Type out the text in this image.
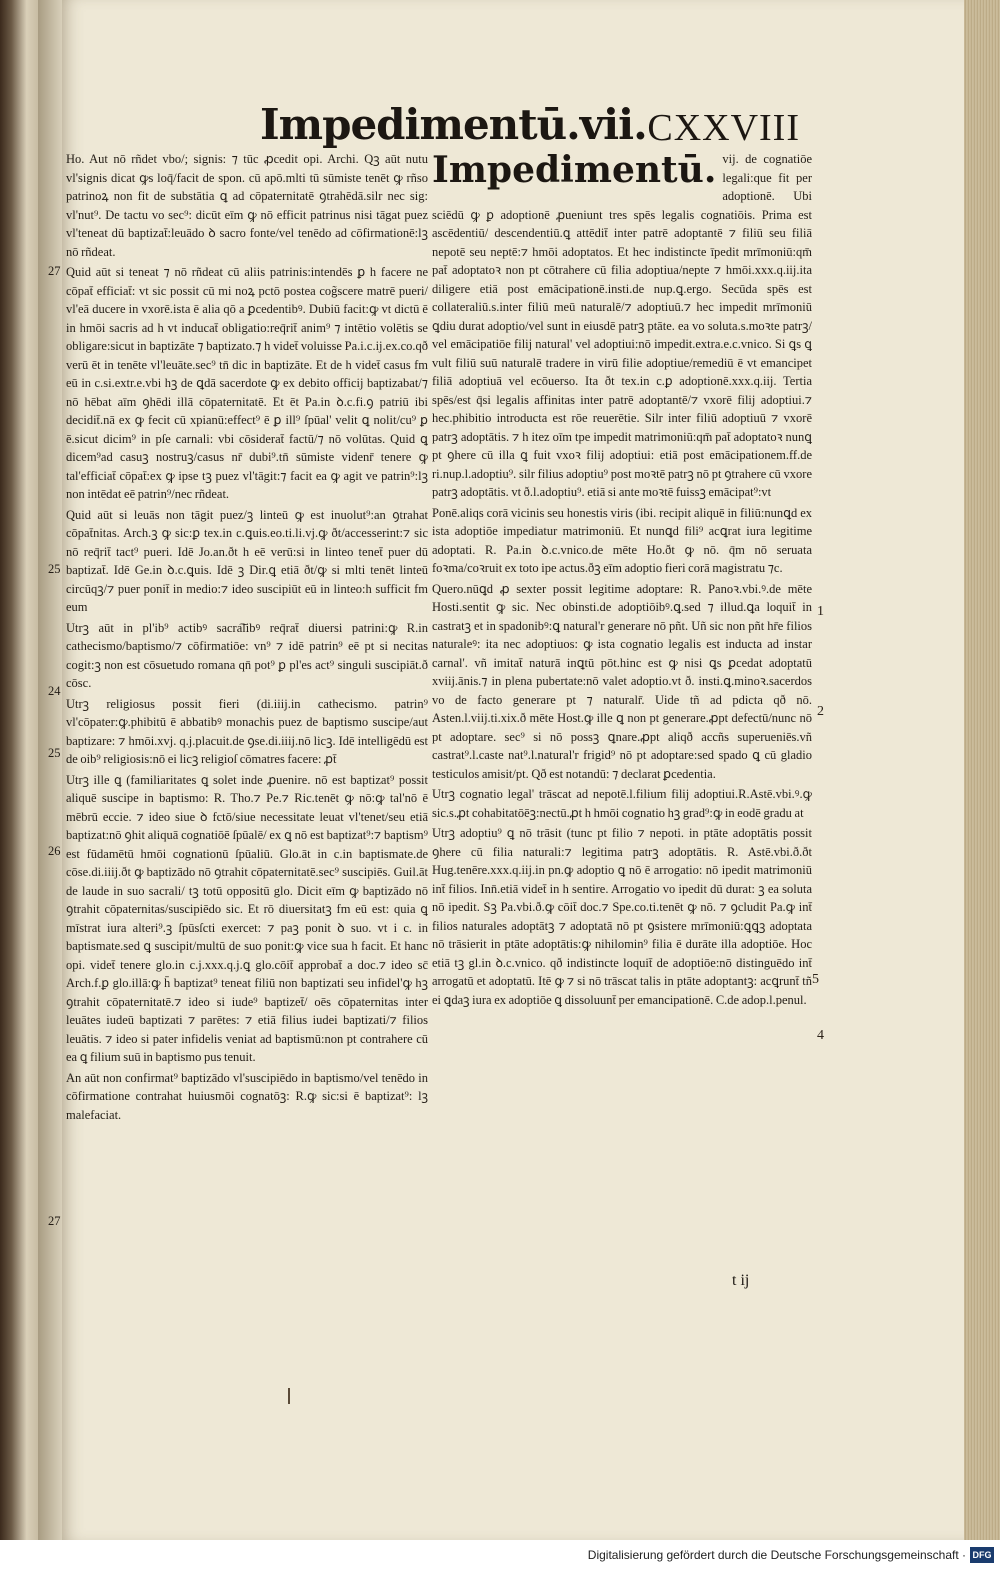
Impedimentū.vii. CXXVIII

Ho. Aut nō rñdet vbo/; signis: ⁊ tūc ꝓcedit opi. Archi. Qꝫ aūt nutu vl'signis dicat ꝙs loq̄/facit de spon. cū apō.mlti tū sūmiste tenēt ꝙ rñso patrinoꝝ non fit de substātia ꝗ ad cōpaternitatē ꝯtrahēdā.silr nec sig: vl'nut⁹. De tactu vo sec⁹: dicūt eīm ꝙ nō efficit patrinus nisi tāgat puez vl'teneat dū baptizat̄:leuādo ꝺ sacro fonte/vel tenēdo ad cōfirmationē:lꝫ nō rñdeat.

Quid aūt si teneat ⁊ nō rñdeat cū aliis patrinis:intendēs ꝑ h facere ne cōpat̄ efficiat̄: vt sic possit cū mi noꝝ pctō postea cog̃scere matrē pueri/ vl'eā ducere in vxorē.ista ē alia qō a ꝑcedentibꝰ. Dubiū facit:ꝙ vt dictū ē in hmōi sacris ad h vt inducat̄ obligatio:req̄rit̄ anim⁹ ⁊ intētio volētis se obligare:sicut in baptizāte ⁊ baptizato.⁊ h videt̄ voluisse Pa.i.c.ij.ex.co.qð verū ēt in tenēte vl'leuāte.sec⁹ tn̄ dic in baptizāte. Et de h videt̄ casus fm eū in c.si.extr.e.vbi hꝫ de ꝗdā sacerdote ꝙ ex debito officij baptizabat/⁊ nō hēbat aīm ꝯhēdi illā cōpaternitatē. Et ēt Pa.in ꝺ.c.fi.ꝯ patriū ibi decidit̄.nā ex ꝙ fecit cū xpianū:effect⁹ ē ꝑ ill⁹ ſpūal' velit ꝗ nolit/cu⁹ ꝑ ē.sicut dicim⁹ in pſe carnali: vbi cōsiderat̄ factū/⁊ nō volūtas. Quid ꝗ dicem⁹ad casuꝫ nostruꝫ/casus nr̄ dubi⁹.tn̄ sūmiste videnr̄ tenere ꝙ tal'efficiat̄ cōpat̄:ex ꝙ ipse tꝫ puez vl'tāgit:⁊ facit ea ꝙ agit ve patrin⁹:lꝫ non intēdat eē patrin⁹/nec rñdeat.

Quid aūt si leuās non tāgit puez/ꝫ linteū ꝙ est inuolut⁹:an ꝯtrahat cōpat̄nitas. Arch.ꝫ ꝙ sic:ꝑ tex.in c.ꝗuis.eo.ti.li.vj.ꝙ ðt/accesserint:⁊ sic nō req̄rit̄ tact⁹ pueri. Idē Jo.an.ðt h eē verū:si in linteo tenet̄ puer dū baptizat̄. Idē Ge.in ꝺ.c.ꝗuis. Idē ꝫ Dir.ꝗ etiā ðt/ꝙ si mlti tenēt linteū circūqꝫ/⁊ puer ponit̄ in medio:⁊ ideo suscipiūt eū in linteo:h sufficit fm eum

Utrꝫ aūt in pl'ib⁹ actibꝰ sacra͠libꝰ req̄rat̄ diuersi patrini:ꝙ R.in cathecismo/baptismo/⁊ cōfirmatiōe: vn⁹ ⁊ idē patrin⁹ eē pt si necitas cogit:ꝫ non est cōsuetudo romana qn̄ pot⁹ ꝑ pl'es act⁹ singuli suscipiāt.ð cōsc.

Utrꝫ religiosus possit fieri (di.iiij.in cathecismo. patrin⁹ vl'cōpater:ꝙ.phibitū ē abbatibꝰ monachis puez de baptismo suscipe/aut baptizare: ⁊ hmōi.xvj. q.j.placuit.de ꝯse.di.iiij.nō licꝫ. Idē intelligēdū est de oib⁹ religiosis:nō ei licꝫ religioſ cōmatres facere: ꝓt̄

Utrꝫ ille ꝗ (familiaritates ꝗ solet inde ꝓuenire. nō est baptizat⁹ possit aliquē suscipe in baptismo: R. Tho.⁊ Pe.⁊ Ric.tenēt ꝙ nō:ꝙ tal'nō ē mēbrū eccie. ⁊ ideo siue ꝺ fctō/siue necessitate leuat vl'tenet/seu etiā baptizat:nō ꝯhit aliquā cognatiōē ſpūalē/ ex ꝗ nō est baptizat⁹:⁊ baptism⁹ est fūdamētū hmōi cognationū ſpūaliū. Glo.āt in c.in baptismate.de cōse.di.iiij.ðt ꝙ baptizādo nō ꝯtrahit cōpaternitatē.sec⁹ suscipiēs. Guil.āt de laude in suo sacrali/ tꝫ totū oppositū glo. Dicit eīm ꝙ baptizādo nō ꝯtrahit cōpaternitas/suscipiēdo sic. Et rō diuersitatꝫ fm eū est: quia ꝗ mīstrat iura alteri⁹.ꝫ ſpūsſcti exercet: ⁊ paꝫ ponit ꝺ suo. vt i c. in baptismate.sed ꝗ suscipit/multū de suo ponit:ꝙ vice sua h facit. Et hanc opi. videt̄ tenere glo.in c.j.xxx.q.j.ꝗ glo.cōit̄ approbat̄ a doc.⁊ ideo sc̄ Arch.f.ꝑ glo.illā:ꝙ h̄ baptizat⁹ teneat filiū non baptizati seu infidel'ꝙ hꝫ ꝯtrahit cōpaternitatē.⁊ ideo si iude⁹ baptizet̄/ oēs cōpaternitas inter leuātes iudeū baptizati ⁊ parētes: ⁊ etiā filius iudei baptizati/⁊ filios leuātis. ⁊ ideo si pater infidelis veniat ad baptismū:non pt contrahere cū ea ꝗ filium suū in baptismo pus tenuit.

An aūt non confirmat⁹ baptizādo vl'suscipiēdo in baptismo/vel tenēdo in cōfirmatione contrahat huiusmōi cognatōꝫ: R.ꝙ sic:si ē baptizat⁹: lꝫ malefaciat.

27
25
24
25
26
27
Impedimentū. vij. de cognatiōe legali:que fit per adoptionē. Ubi sciēdū ꝙ ꝑ adoptionē ꝓueniunt tres spēs legalis cognatiōis. Prima est ascēdentiū/ descendentiū.ꝗ attēdit̄ inter patrē adoptantē ⁊ filiū seu filiā nepotē seu neptē:⁊ hmōi adoptatos. Et hec indistincte īpedit mrīmoniū:qm̄ pat̄ adoptatoꝛ non pt cōtrahere cū filia adoptiua/nepte ⁊ hmōi.xxx.q.iij.ita diligere etiā post emācipationē.insti.de nup.ꝗ.ergo. Secūda spēs est collateraliū.s.inter filiū meū naturalē/⁊ adoptiuū.⁊ hec impedit mrīmoniū ꝗdiu durat adoptio/vel sunt in eiusdē patrꝫ ptāte. ea vo soluta.s.moꝛte patrꝫ/ vel emācipatiōe filij natural' vel adoptiui:nō impedit.extra.e.c.vnico. Si ꝗs ꝗ vult filiū suū naturalē tradere in virū filie adoptiue/remediū ē vt emancipet filiā adoptiuā vel ecōuerso. Ita ðt tex.in c.ꝑ adoptionē.xxx.q.iij. Tertia spēs/est q̄si legalis affinitas inter patrē adoptantē/⁊ vxorē filij adoptiui.⁊ hec.phibitio introducta est rōe reuerētie. Silr inter filiū adoptiuū ⁊ vxorē patrꝫ adoptātis. ⁊ h itez oīm tpe impedit matrimoniū:qm̄ pat̄ adoptatoꝛ nunꝗ pt ꝯhere cū illa ꝗ fuit vxoꝛ filij adoptiui: etiā post emācipationem.ff.de ri.nup.l.adoptiu⁹. silr filius adoptiu⁹ post moꝛtē patrꝫ nō pt ꝯtrahere cū vxore patrꝫ adoptātis. vt ð.l.adoptiu⁹. etiā si ante moꝛtē fuissꝫ emācipat⁹:vt

Ponē.aliqs corā vicinis seu honestis viris (ibi. recipit aliquē in filiū:nunꝗd ex ista adoptiōe impediatur matrimoniū. Et nunꝗd fili⁹ acꝗrat iura legitime adoptati. R. Pa.in ꝺ.c.vnico.de mēte Ho.ðt ꝙ nō. q̄m nō seruata foꝛma/coꝛruit ex toto ipe actus.ðꝫ eīm adoptio fieri corā magistratu ⁊c.

Quero.nūꝗd ꝓ sexter possit legitime adoptare: R. Panoꝛ.vbi.ꝰ.de mēte Hosti.sentit ꝙ sic. Nec obinsti.de adoptiōibꝰ.ꝗ.sed ⁊ illud.ꝗa loquit̄ in castratꝫ et in spadonibꝰ:ꝗ natural'r generare nō pñt. Uñ sic non pñt hr̄e filios naturaleꝰ: ita nec adoptiuos: ꝙ ista cognatio legalis est inducta ad instar carnal'. vñ imitat̄ naturā inꝗtū pōt.hinc est ꝙ nisi ꝗs ꝑcedat adoptatū xviij.ānis.⁊ in plena pubertate:nō valet adoptio.vt ð. insti.ꝗ.minoꝛ.sacerdos vo de facto generare pt ⁊ naturalr̄. Uide tñ ad pdicta qð nō. Asten.l.viij.ti.xix.ð mēte Host.ꝙ ille ꝗ non pt generare.ꝓpt defectū/nunc nō pt adoptare. sec⁹ si nō possꝫ ꝗnare.ꝓpt aliqð accñs superueniēs.vñ castrat⁹.l.caste nat⁹.l.natural'r frigid⁹ nō pt adoptare:sed spado ꝗ cū gladio testiculos amisit/pt. Qð est notandū: ⁊ declarat ꝑcedentia.

Utrꝫ cognatio legal' trāscat ad nepotē.l.filium filij adoptiui.R.Astē.vbi.ꝰ.ꝙ sic.s.ꝓt cohabitatōēꝫ:nectū.ꝓt h hmōi cognatio hꝫ grad⁹:ꝙ in eodē gradu at

Utrꝫ adoptiu⁹ ꝗ nō trāsit (tunc pt filio ⁊ nepoti. in ptāte adoptātis possit ꝯhere cū filia naturali:⁊ legitima patrꝫ adoptātis. R. Astē.vbi.ð.ðt Hug.tenēre.xxx.q.iij.in pn.ꝙ adoptio ꝗ nō ē arrogatio: nō ipedit matrimoniū int̄ filios. Inn̄.etiā videt̄ in h sentire. Arrogatio vo ipedit dū durat: ꝫ ea soluta nō ipedit. Sꝫ Pa.vbi.ð.ꝙ cōit̄ doc.⁊ Spe.co.ti.tenēt ꝙ nō. ⁊ ꝯcludit Pa.ꝙ int̄ filios naturales adoptātꝫ ⁊ adoptatā nō pt ꝯsistere mrīmoniū:ꝗꝗꝫ adoptata nō trāsierit in ptāte adoptātis:ꝙ nihilomin⁹ filia ē durāte illa adoptiōe. Hoc etiā tꝫ gl.in ꝺ.c.vnico. qð indistincte loquit̄ de adoptiōe:nō distinguēdo int̄ arrogatū et adoptatū. Itē ꝙ ⁊ si nō trāscat talis in ptāte adoptantꝫ: acꝗrunt̄ tñ ei ꝗdaꝫ iura ex adoptiōe ꝗ dissoluunt̄ per emancipationē. C.de adop.l.penul.

1
2
5
4
t ij
Digitalisierung gefördert durch die Deutsche Forschungsgemeinschaft · DFG
